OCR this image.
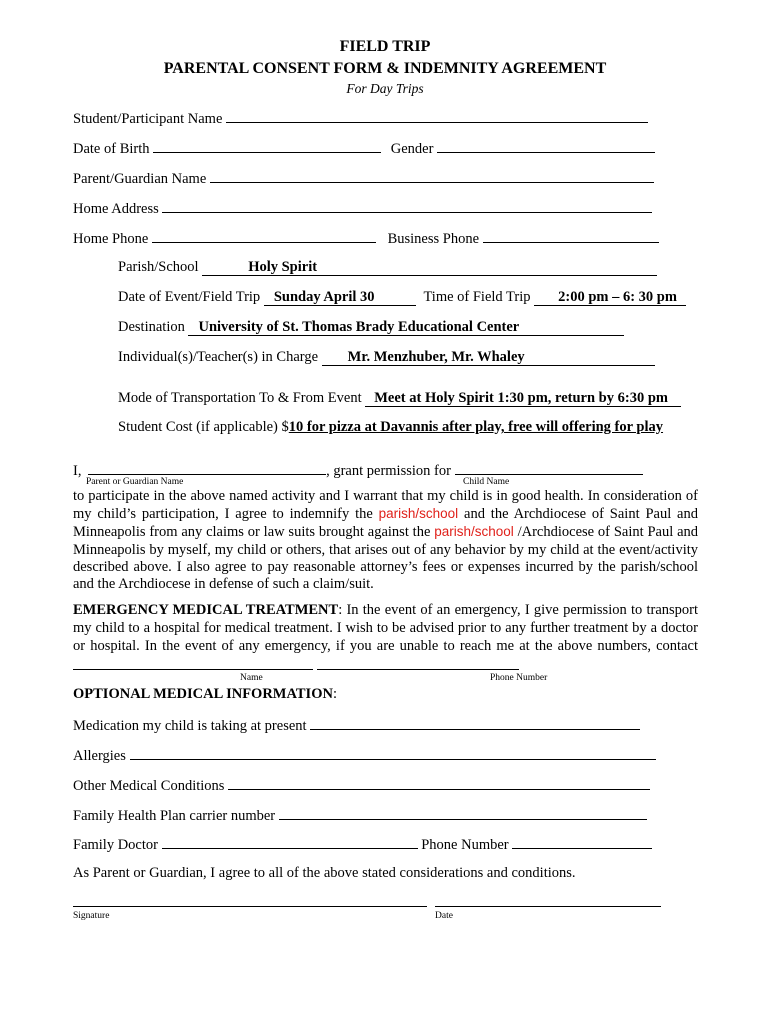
FIELD TRIP
PARENTAL CONSENT FORM & INDEMNITY AGREEMENT
For Day Trips
Student/Participant Name
Date of Birth	Gender
Parent/Guardian Name
Home Address
Home Phone	Business Phone
Parish/School	Holy Spirit
Date of Event/Field Trip Sunday April 30	Time of Field Trip 2:00 pm – 6: 30 pm
Destination University of St. Thomas Brady Educational Center
Individual(s)/Teacher(s) in Charge Mr. Menzhuber, Mr. Whaley
Mode of Transportation To & From Event Meet at Holy Spirit 1:30 pm, return by 6:30 pm
Student Cost (if applicable) $10 for pizza at Davannis after play, free will offering for play
I,	, grant permission for
Parent or Guardian Name	Child Name
to participate in the above named activity and I warrant that my child is in good health. In consideration of my child’s participation, I agree to indemnify the parish/school and the Archdiocese of Saint Paul and Minneapolis from any claims or law suits brought against the parish/school /Archdiocese of Saint Paul and Minneapolis by myself, my child or others, that arises out of any behavior by my child at the event/activity described above. I also agree to pay reasonable attorney’s fees or expenses incurred by the parish/school and the Archdiocese in defense of such a claim/suit.
EMERGENCY MEDICAL TREATMENT: In the event of an emergency, I give permission to transport my child to a hospital for medical treatment. I wish to be advised prior to any further treatment by a doctor or hospital. In the event of any emergency, if you are unable to reach me at the above numbers, contact
Name	Phone Number
OPTIONAL MEDICAL INFORMATION:
Medication my child is taking at present
Allergies
Other Medical Conditions
Family Health Plan carrier number
Family Doctor	Phone Number
As Parent or Guardian, I agree to all of the above stated considerations and conditions.
Signature	Date
